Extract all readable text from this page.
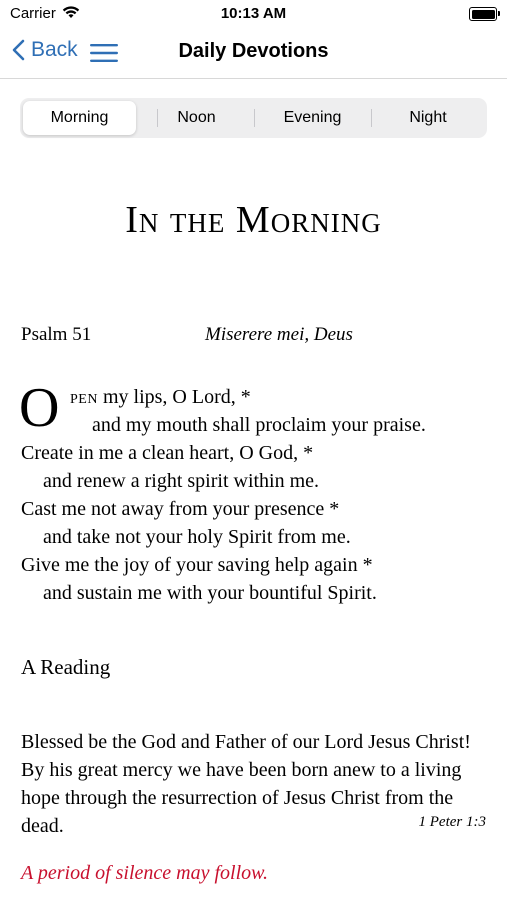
Carrier	10:13 AM
Back	Daily Devotions
Morning	Noon	Evening	Night
In the Morning
Psalm 51	Miserere mei, Deus
O PEN my lips, O Lord, *
and my mouth shall proclaim your praise.
Create in me a clean heart, O God, *
and renew a right spirit within me.
Cast me not away from your presence *
and take not your holy Spirit from me.
Give me the joy of your saving help again *
and sustain me with your bountiful Spirit.
A Reading
Blessed be the God and Father of our Lord Jesus Christ! By his great mercy we have been born anew to a living hope through the resurrection of Jesus Christ from the dead.	1 Peter 1:3
A period of silence may follow.
